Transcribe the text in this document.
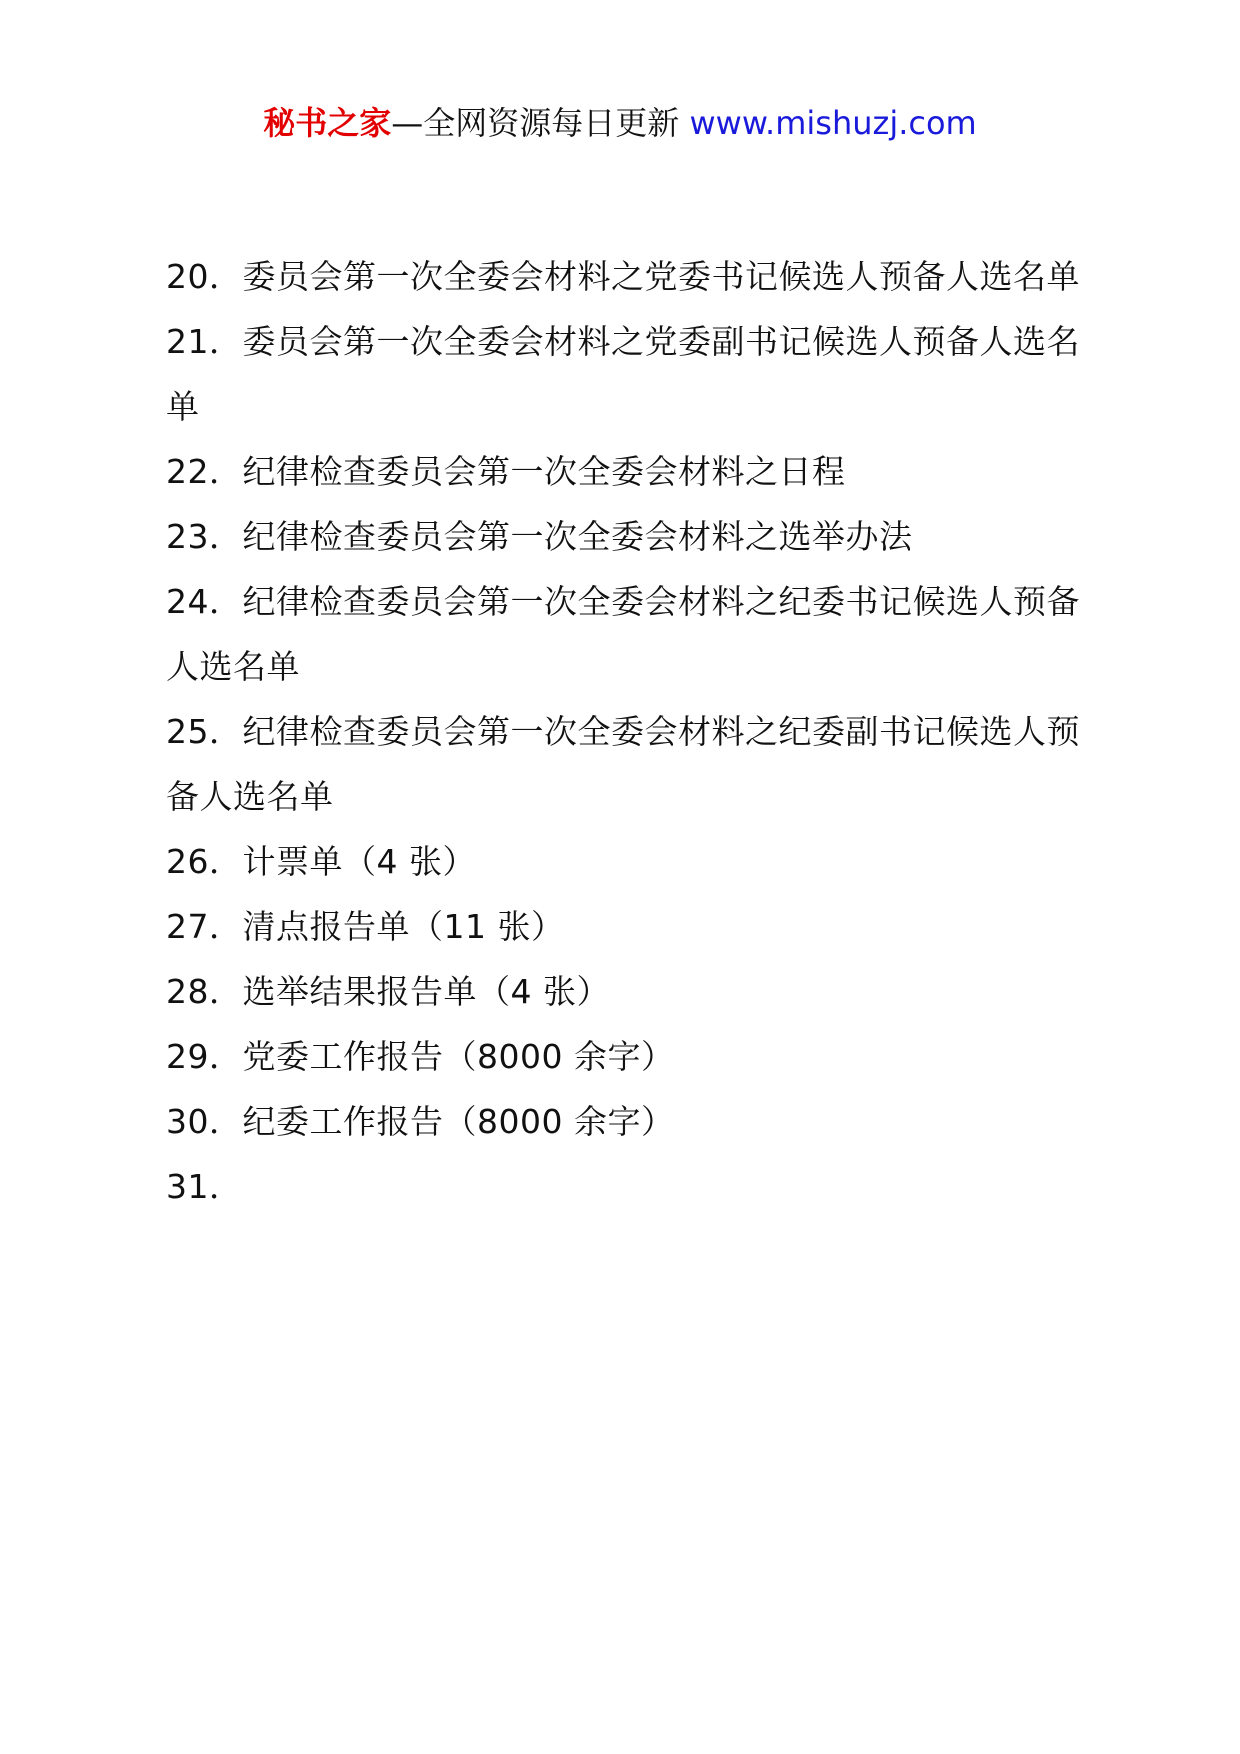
秘书之家—全网资源每日更新 www.mishuzj.com
20．委员会第一次全委会材料之党委书记候选人预备人选名单
21．委员会第一次全委会材料之党委副书记候选人预备人选名单
22．纪律检查委员会第一次全委会材料之日程
23．纪律检查委员会第一次全委会材料之选举办法
24．纪律检查委员会第一次全委会材料之纪委书记候选人预备人选名单
25．纪律检查委员会第一次全委会材料之纪委副书记候选人预备人选名单
26．计票单（4 张）
27．清点报告单（11 张）
28．选举结果报告单（4 张）
29．党委工作报告（8000 余字）
30．纪委工作报告（8000 余字）
31．
